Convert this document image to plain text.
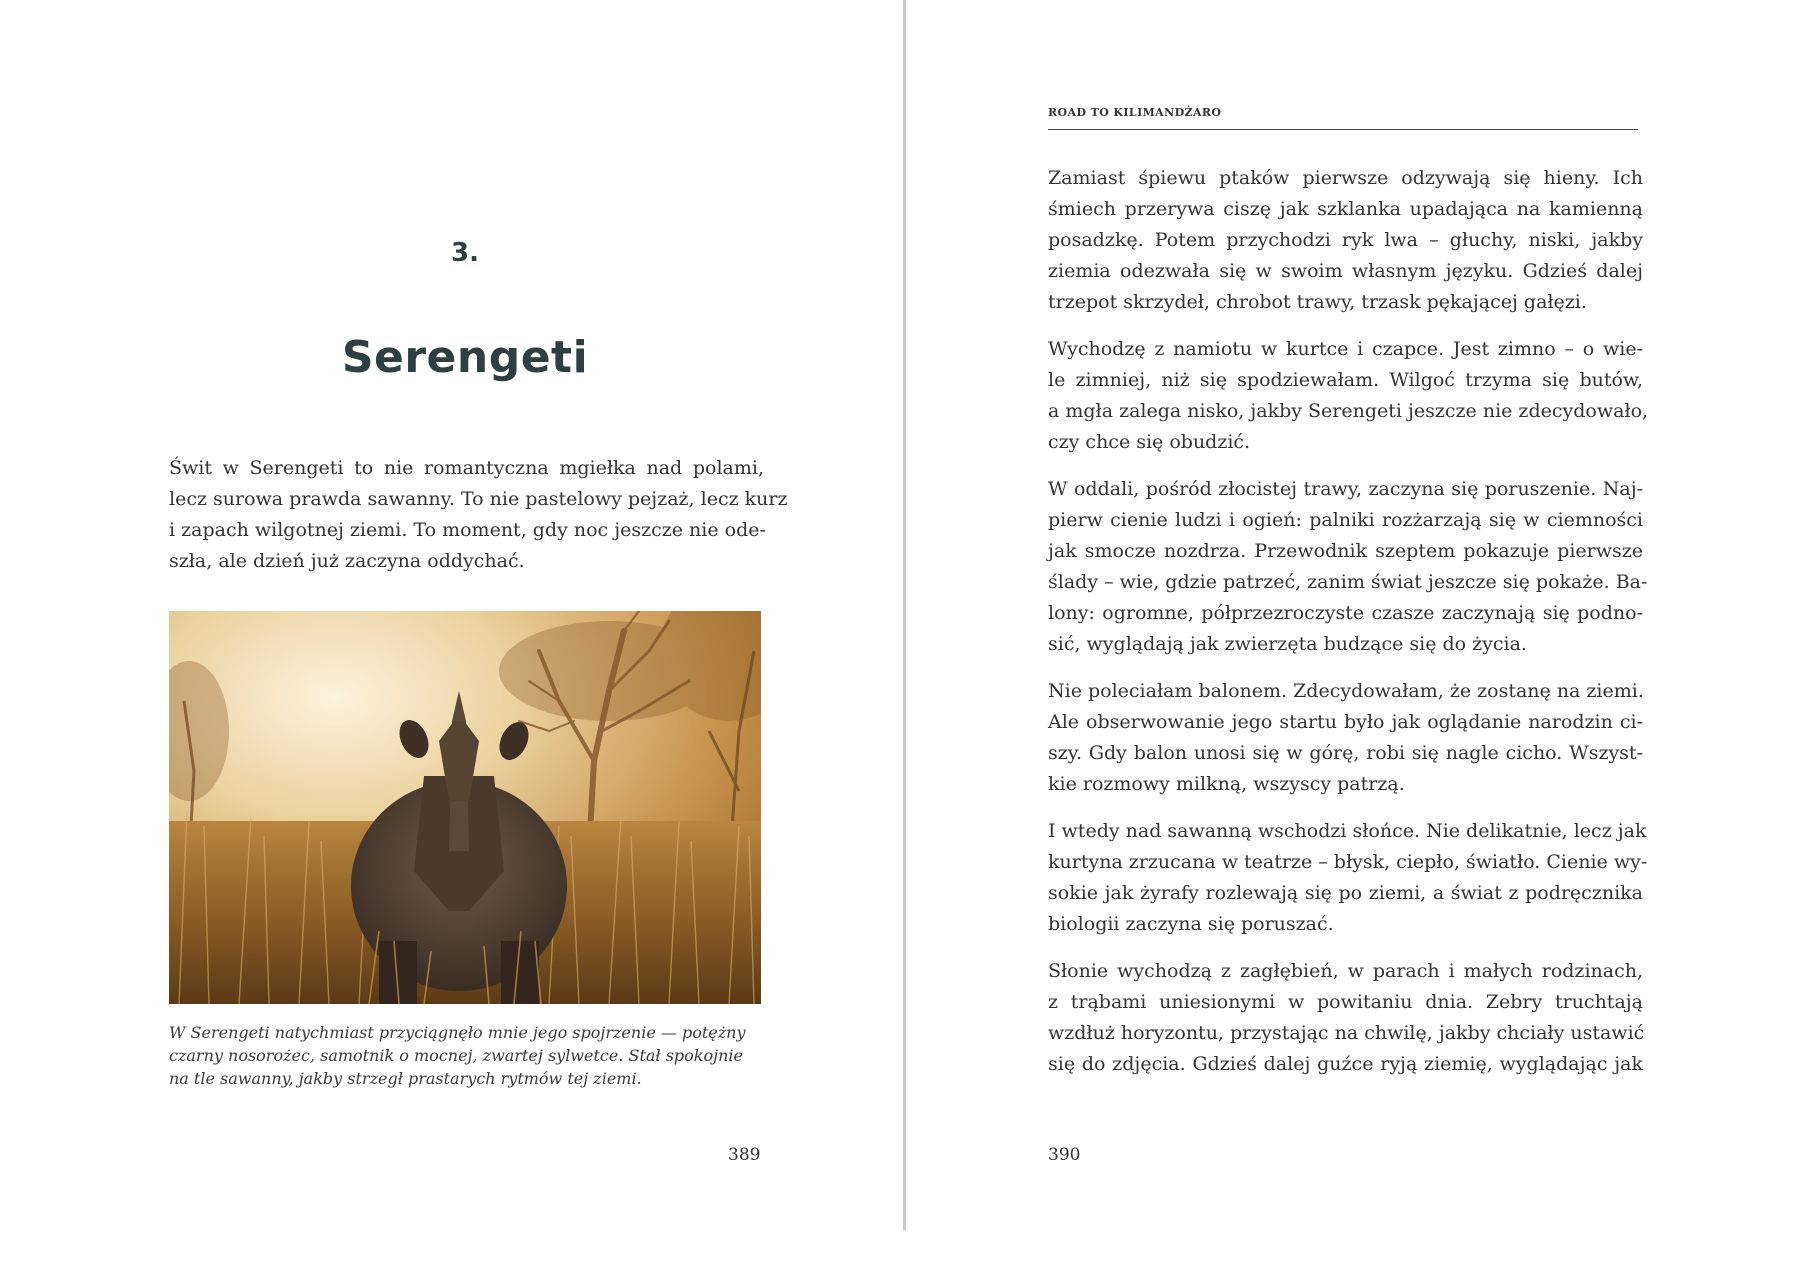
3.
Serengeti

Świt w Serengeti to nie romantyczna mgiełka nad polami,
lecz surowa prawda sawanny. To nie pastelowy pejzaż, lecz kurz
i zapach wilgotnej ziemi. To moment, gdy noc jeszcze nie ode-
szła, ale dzień już zaczyna oddychać.

W Serengeti natychmiast przyciągnęło mnie jego spojrzenie — potężny
czarny nosorożec, samotnik o mocnej, zwartej sylwetce. Stał spokojnie
na tle sawanny, jakby strzegł prastarych rytmów tej ziemi.

389
ROAD TO KILIMANDŻARO

Zamiast śpiewu ptaków pierwsze odzywają się hieny. Ich
śmiech przerywa ciszę jak szklanka upadająca na kamienną
posadzkę. Potem przychodzi ryk lwa – głuchy, niski, jakby
ziemia odezwała się w swoim własnym języku. Gdzieś dalej
trzepot skrzydeł, chrobot trawy, trzask pękającej gałęzi.

Wychodzę z namiotu w kurtce i czapce. Jest zimno – o wie-
le zimniej, niż się spodziewałam. Wilgoć trzyma się butów,
a mgła zalega nisko, jakby Serengeti jeszcze nie zdecydowało,
czy chce się obudzić.

W oddali, pośród złocistej trawy, zaczyna się poruszenie. Naj-
pierw cienie ludzi i ogień: palniki rozżarzają się w ciemności
jak smocze nozdrza. Przewodnik szeptem pokazuje pierwsze
ślady – wie, gdzie patrzeć, zanim świat jeszcze się pokaże. Ba-
lony: ogromne, półprzezroczyste czasze zaczynają się podno-
sić, wyglądają jak zwierzęta budzące się do życia.

Nie poleciałam balonem. Zdecydowałam, że zostanę na ziemi.
Ale obserwowanie jego startu było jak oglądanie narodzin ci-
szy. Gdy balon unosi się w górę, robi się nagle cicho. Wszyst-
kie rozmowy milkną, wszyscy patrzą.

I wtedy nad sawanną wschodzi słońce. Nie delikatnie, lecz jak
kurtyna zrzucana w teatrze – błysk, ciepło, światło. Cienie wy-
sokie jak żyrafy rozlewają się po ziemi, a świat z podręcznika
biologii zaczyna się poruszać.

Słonie wychodzą z zagłębień, w parach i małych rodzinach,
z trąbami uniesionymi w powitaniu dnia. Zebry truchtają
wzdłuż horyzontu, przystając na chwilę, jakby chciały ustawić
się do zdjęcia. Gdzieś dalej guźce ryją ziemię, wyglądając jak

390
